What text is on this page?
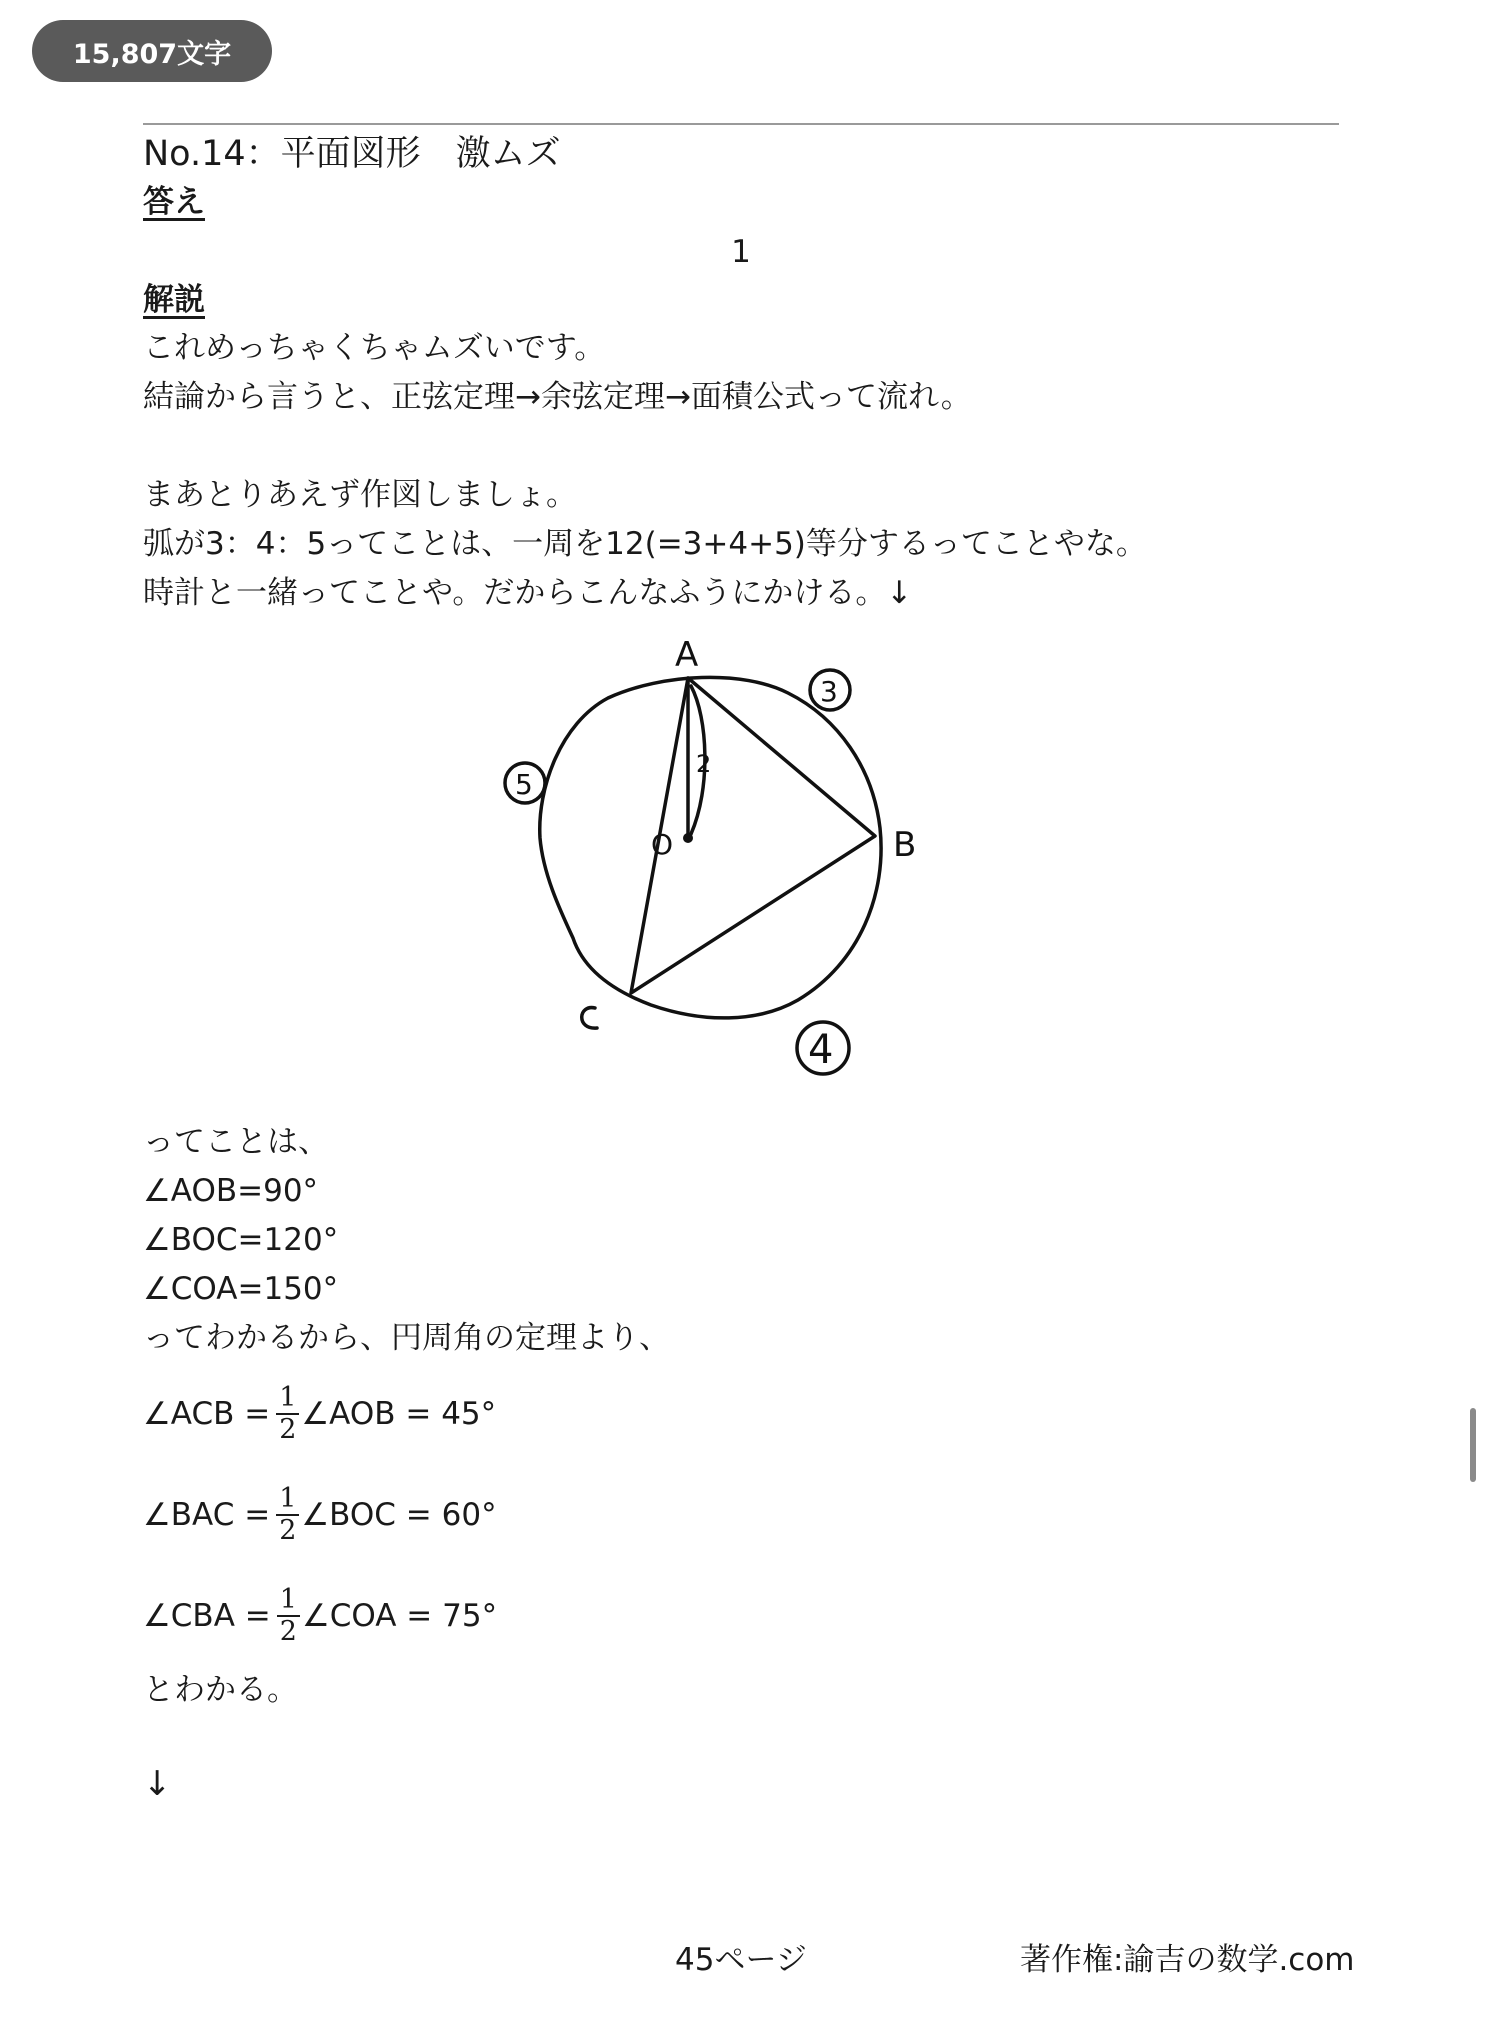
15,807文字
No.14：平面図形　激ムズ
答え
1
解説
これめっちゃくちゃムズいです。
結論から言うと、正弦定理→余弦定理→面積公式って流れ。
まあとりあえず作図しましょ。
弧が3：4：5ってことは、一周を12(=3+4+5)等分するってことやな。
時計と一緒ってことや。だからこんなふうにかける。↓
A
B
O
2
3
5
4
ってことは、
∠AOB=90°
∠BOC=120°
∠COA=150°
ってわかるから、円周角の定理より、
∠ACB = $\frac{1}{2}$ ∠AOB = 45°
∠BAC = $\frac{1}{2}$ ∠BOC = 60°
∠CBA = $\frac{1}{2}$ ∠COA = 75°
とわかる。
↓
45ページ	著作権:諭吉の数学.com
